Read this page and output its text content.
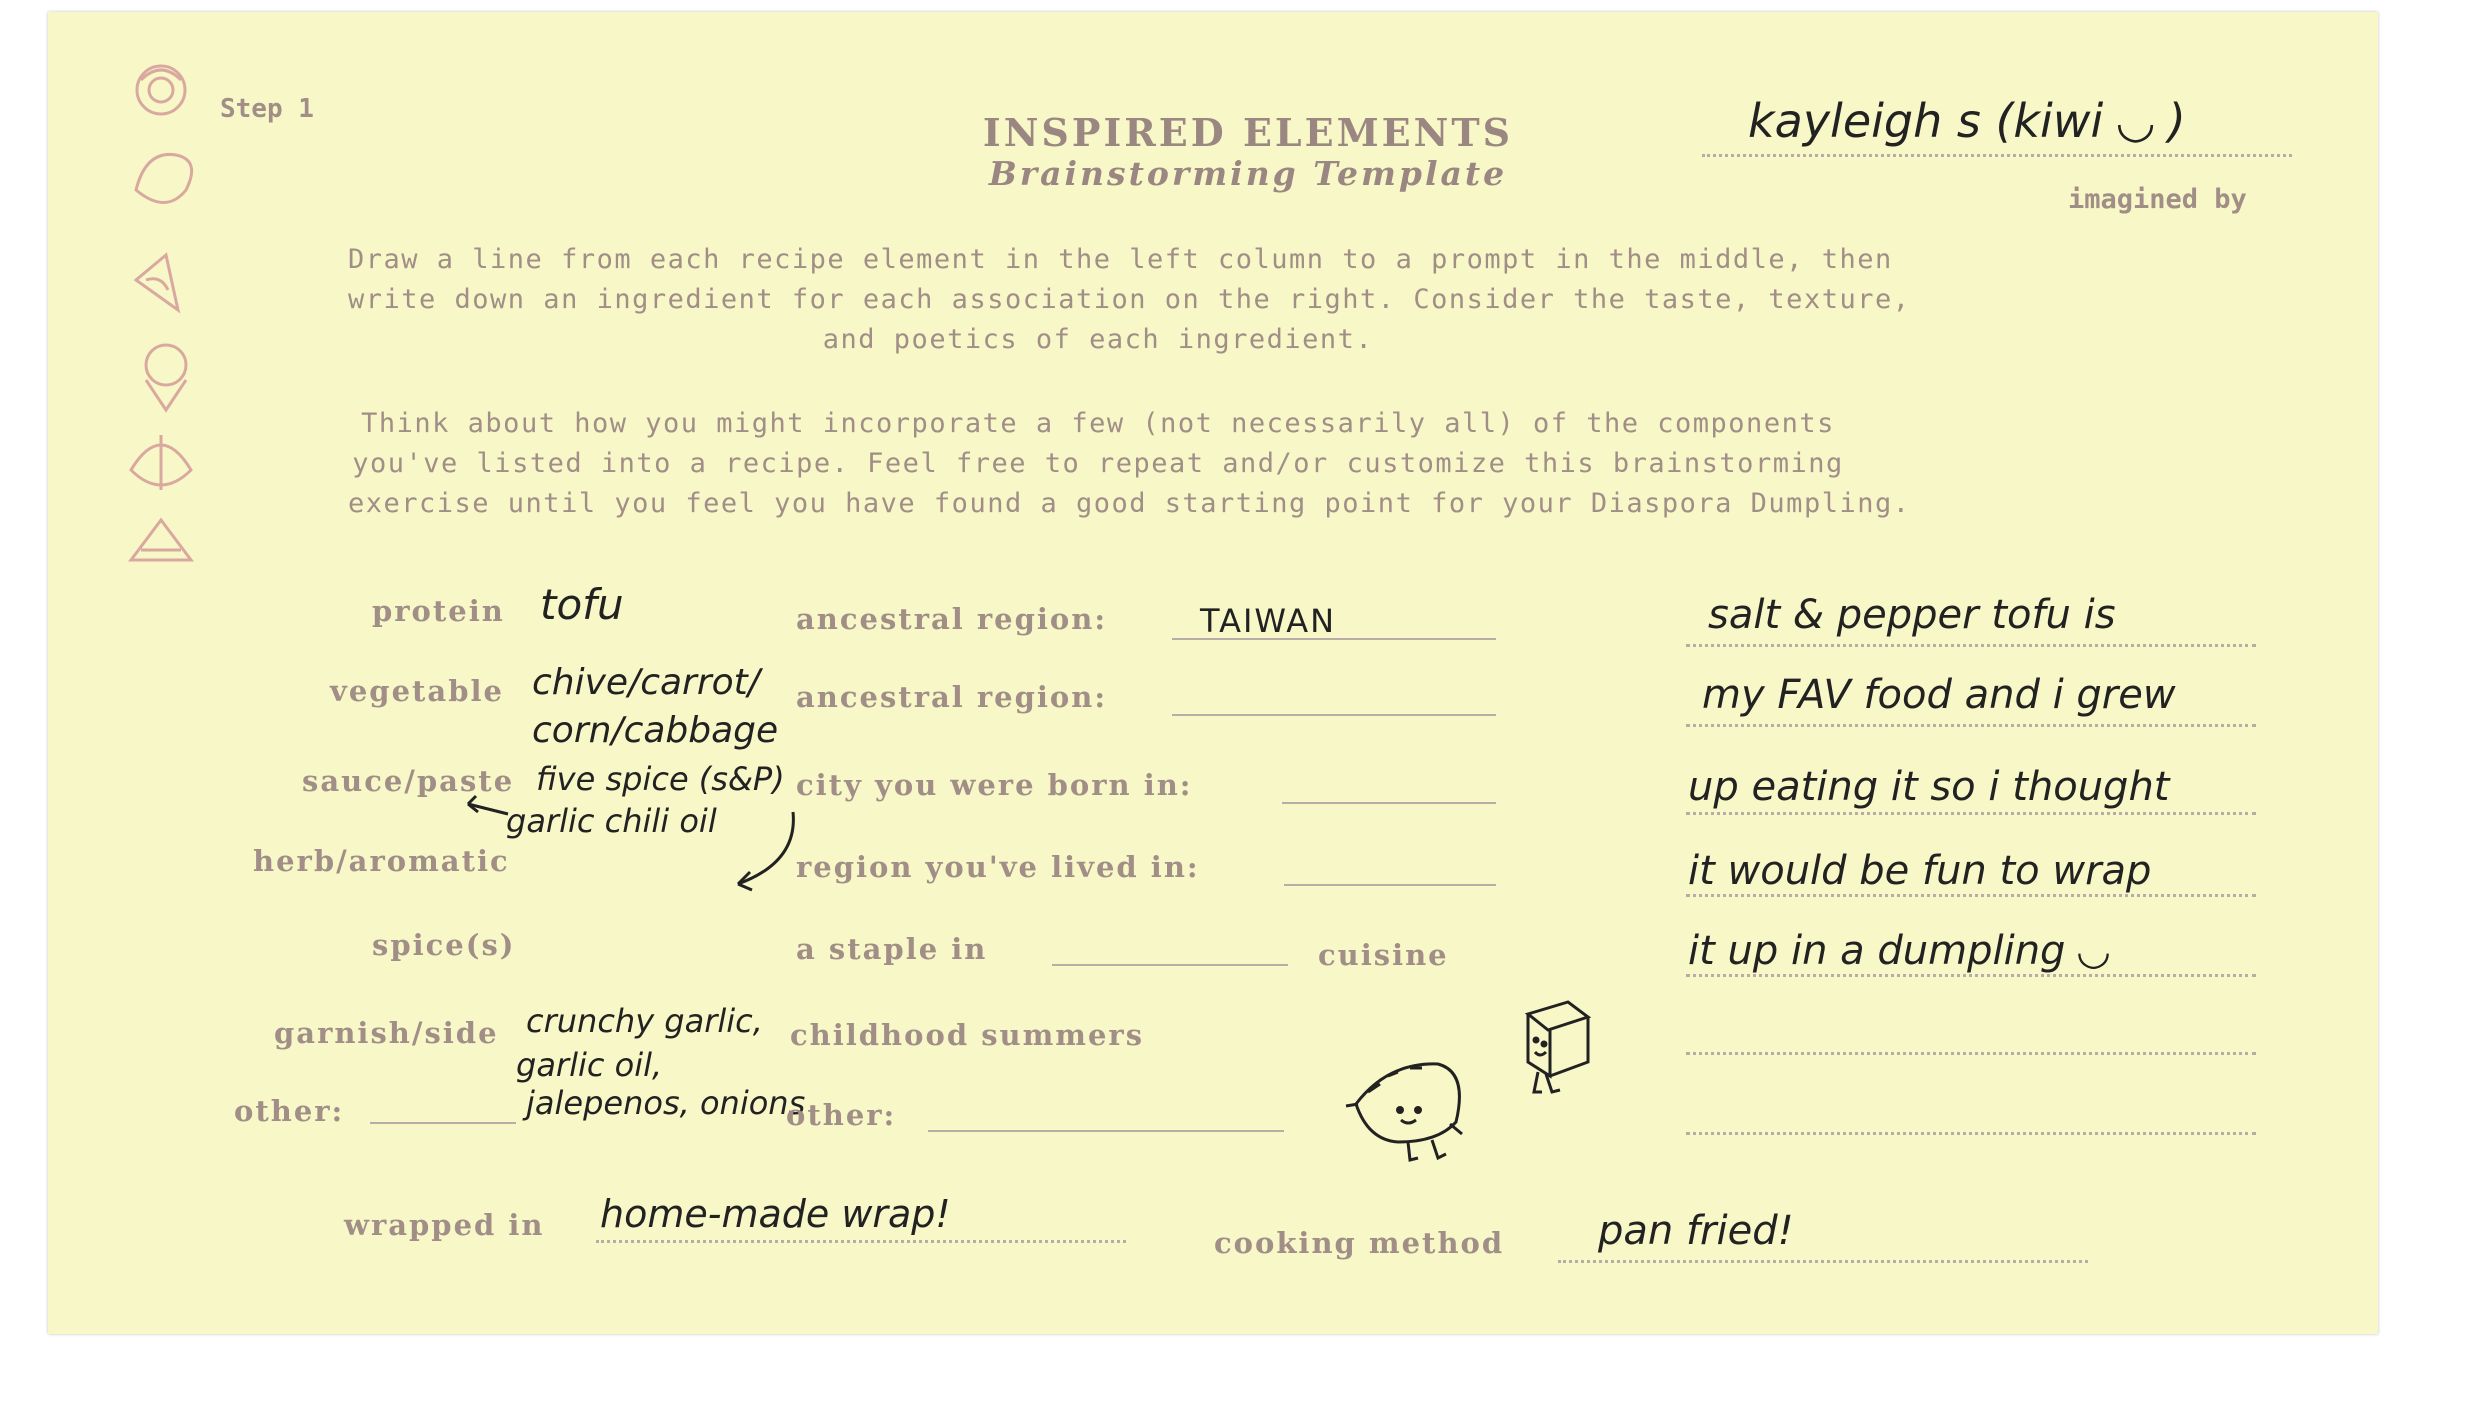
Step 1
INSPIRED ELEMENTS
Brainstorming Template
kayleigh s (kiwi ◡ )
imagined by
Draw a line from each recipe element in the left column to a prompt in the middle, then
write down an ingredient for each association on the right. Consider the taste, texture,
and poetics of each ingredient.
Think about how you might incorporate a few (not necessarily all) of the components
you've listed into a recipe. Feel free to repeat and/or customize this brainstorming
exercise until you feel you have found a good starting point for your Diaspora Dumpling.
protein tofu
vegetable chive/carrot/
corn/cabbage
sauce/paste five spice (s&P)
garlic chili oil
herb/aromatic
spice(s)
garnish/side crunchy garlic,
garlic oil,
jalepenos, onions
other:
wrapped in home-made wrap!
ancestral region:	TAIWAN
ancestral region:
city you were born in:
region you've lived in:
a staple in	cuisine
childhood summers
other:
cooking method pan fried!
salt & pepper tofu is
my FAV food and i grew
up eating it so i thought
it would be fun to wrap
it up in a dumpling ◡
